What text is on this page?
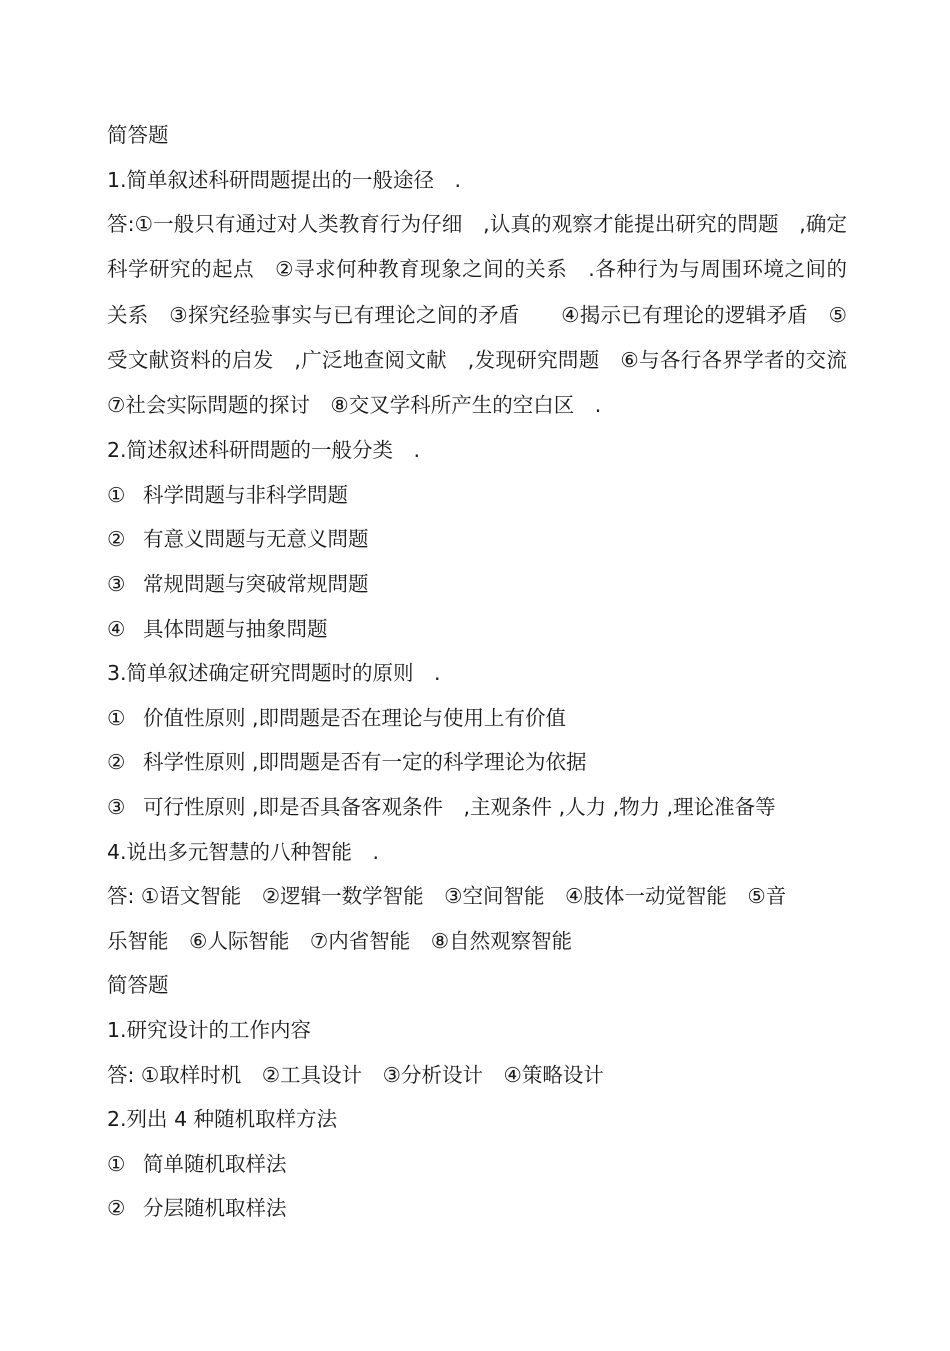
简答题
1.简单叙述科研問题提出的一般途径　.
答:①一般只有通过对人类教育行为仔细　,认真的观察才能提出研究的問题　,确定科学研究的起点　②寻求何种教育现象之间的关系　.各种行为与周围环境之间的关系　③探究经验事实与已有理论之间的矛盾　　④揭示已有理论的逻辑矛盾　⑤受文献资料的启发　,广泛地查阅文献　,发现研究問题　⑥与各行各界学者的交流　⑦社会实际問题的探讨　⑧交叉学科所产生的空白区　.
2.简述叙述科研問题的一般分类　.
① 科学問题与非科学問题
② 有意义問题与无意义問题
③ 常规問题与突破常规問题
④ 具体問题与抽象問题
3.简单叙述确定研究問题时的原则　.
① 价值性原则 ,即問题是否在理论与使用上有价值
② 科学性原则 ,即問题是否有一定的科学理论为依据
③ 可行性原则 ,即是否具备客观条件　,主观条件 ,人力 ,物力 ,理论准备等
4.说出多元智慧的八种智能　.
答: ①语文智能　②逻辑一数学智能　③空间智能　④肢体一动觉智能　⑤音
乐智能　⑥人际智能　⑦内省智能　⑧自然观察智能
简答题
1.研究设计的工作内容
答: ①取样时机　②工具设计　③分析设计　④策略设计
2.列出 4 种随机取样方法
① 简单随机取样法
② 分层随机取样法
